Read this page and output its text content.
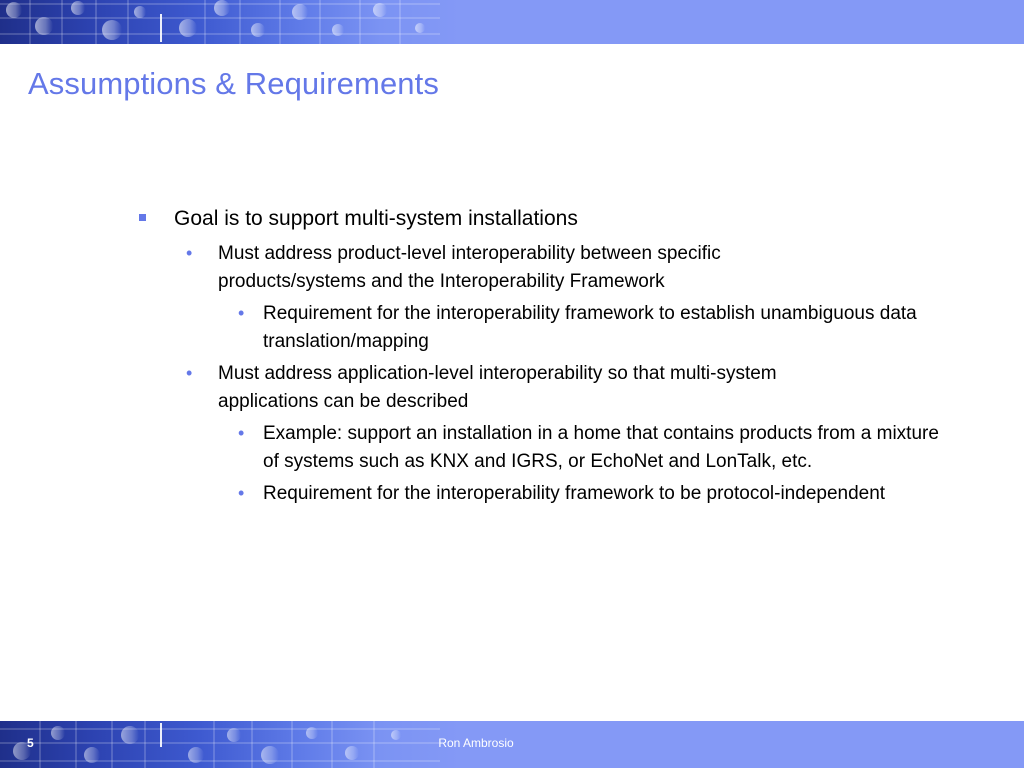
Assumptions & Requirements
Goal is to support multi-system installations
• Must address product-level interoperability between specific products/systems and the Interoperability Framework
• Requirement for the interoperability framework to establish unambiguous data translation/mapping
• Must address application-level interoperability so that multi-system applications can be described
• Example: support an installation in a home that contains products from a mixture of systems such as KNX and IGRS, or EchoNet and LonTalk, etc.
• Requirement for the interoperability framework to be protocol-independent
5	Ron Ambrosio
